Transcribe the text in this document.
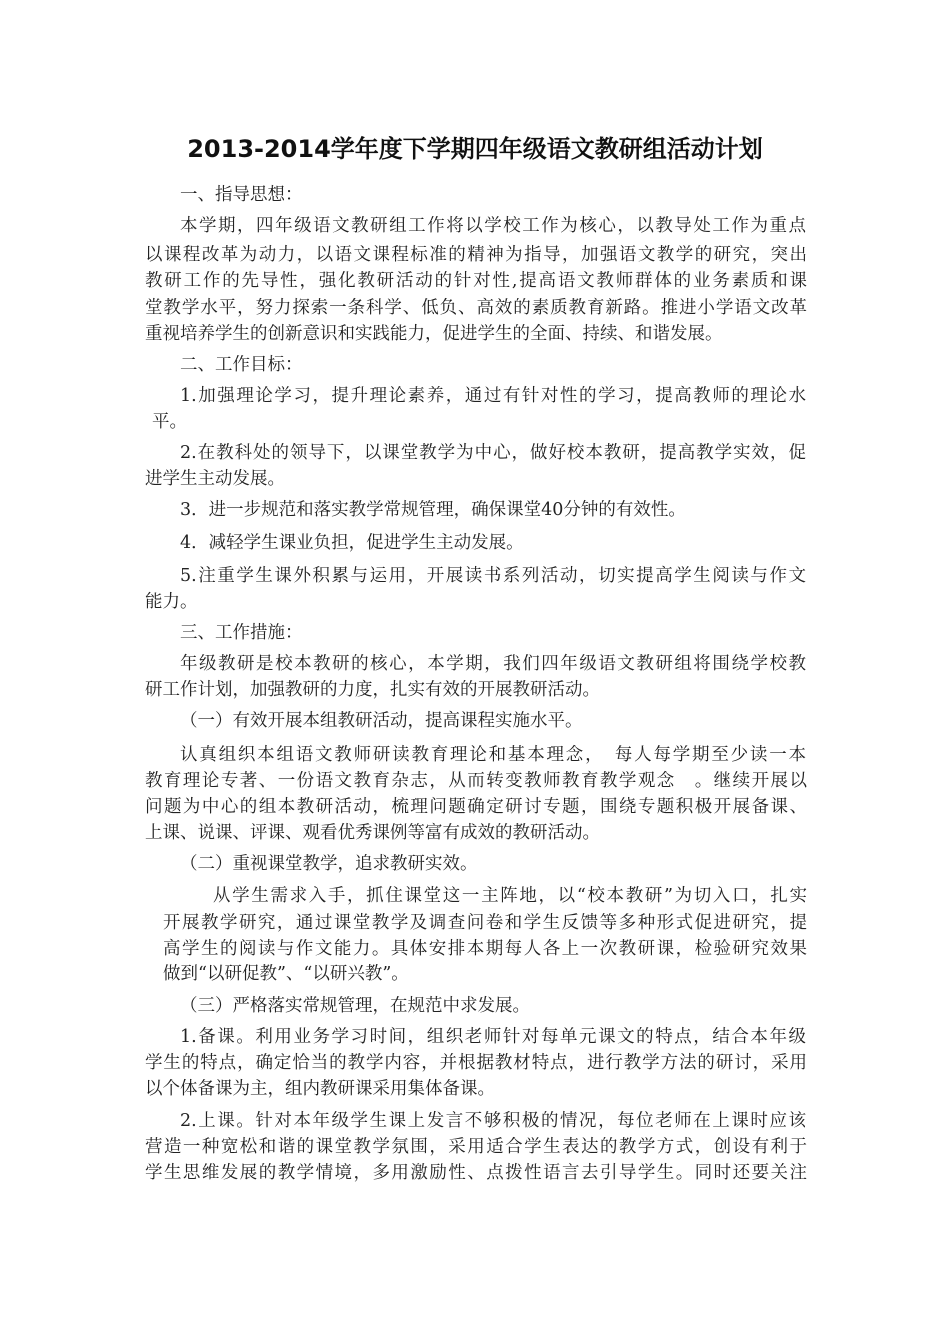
2013-2014学年度下学期四年级语文教研组活动计划
一、指导思想：
本学期，四年级语文教研组工作将以学校工作为核心，以教导处工作为重点
以课程改革为动力，以语文课程标准的精神为指导，加强语文教学的研究，突出
教研工作的先导性，强化教研活动的针对性,提高语文教师群体的业务素质和课
堂教学水平，努力探索一条科学、低负、高效的素质教育新路。推进小学语文改革
重视培养学生的创新意识和实践能力，促进学生的全面、持续、和谐发展。
二、工作目标：
1.加强理论学习，提升理论素养，通过有针对性的学习，提高教师的理论水
平。
2.在教科处的领导下，以课堂教学为中心，做好校本教研，提高教学实效，促
进学生主动发展。
3．进一步规范和落实教学常规管理，确保课堂40分钟的有效性。
4．减轻学生课业负担，促进学生主动发展。
5.注重学生课外积累与运用，开展读书系列活动，切实提高学生阅读与作文
能力。
三、工作措施：
年级教研是校本教研的核心，本学期，我们四年级语文教研组将围绕学校教
研工作计划，加强教研的力度，扎实有效的开展教研活动。
（一）有效开展本组教研活动，提高课程实施水平。
认真组织本组语文教师研读教育理论和基本理念，　每人每学期至少读一本
教育理论专著、一份语文教育杂志，从而转变教师教育教学观念　。继续开展以
问题为中心的组本教研活动，梳理问题确定研讨专题，围绕专题积极开展备课、
上课、说课、评课、观看优秀课例等富有成效的教研活动。
（二）重视课堂教学，追求教研实效。
从学生需求入手，抓住课堂这一主阵地，以“校本教研”为切入口，扎实
开展教学研究，通过课堂教学及调查问卷和学生反馈等多种形式促进研究，提
高学生的阅读与作文能力。具体安排本期每人各上一次教研课，检验研究效果
做到“以研促教”、“以研兴教”。
（三）严格落实常规管理，在规范中求发展。
1.备课。利用业务学习时间，组织老师针对每单元课文的特点，结合本年级
学生的特点，确定恰当的教学内容，并根据教材特点，进行教学方法的研讨，采用
以个体备课为主，组内教研课采用集体备课。
2.上课。针对本年级学生课上发言不够积极的情况，每位老师在上课时应该
营造一种宽松和谐的课堂教学氛围，采用适合学生表达的教学方式，创设有利于
学生思维发展的教学情境，多用激励性、点拨性语言去引导学生。同时还要关注
